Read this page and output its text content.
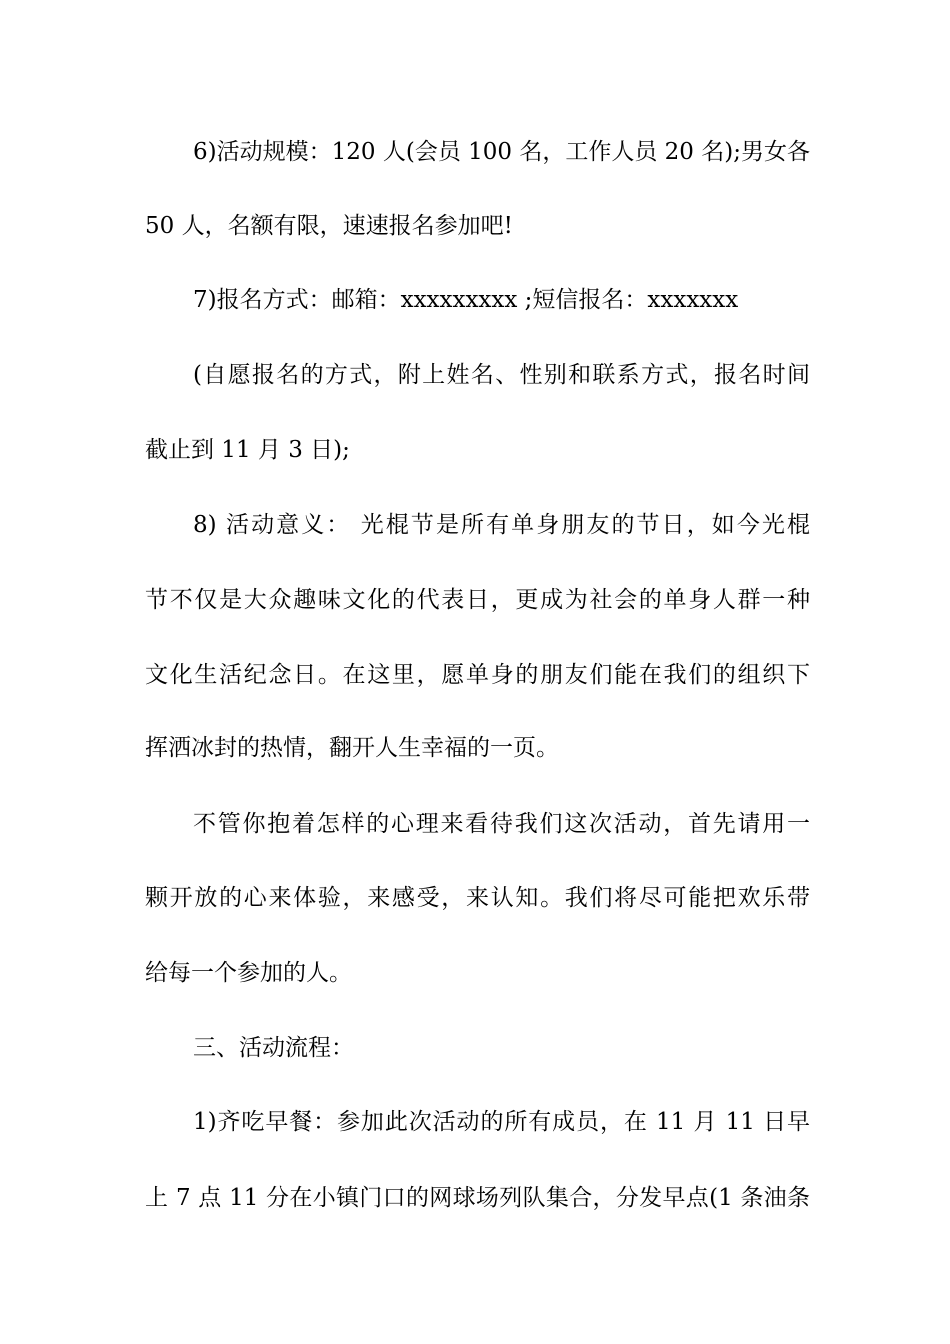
6)活动规模：120 人(会员 100 名，工作人员 20 名);男女各
50 人，名额有限，速速报名参加吧!
7)报名方式：邮箱：xxxxxxxxx ;短信报名：xxxxxxx
(自愿报名的方式，附上姓名、性别和联系方式，报名时间
截止到 11 月 3 日);
8) 活动意义： 光棍节是所有单身朋友的节日，如今光棍
节不仅是大众趣味文化的代表日，更成为社会的单身人群一种
文化生活纪念日。在这里，愿单身的朋友们能在我们的组织下
挥洒冰封的热情，翻开人生幸福的一页。
不管你抱着怎样的心理来看待我们这次活动，首先请用一
颗开放的心来体验，来感受，来认知。我们将尽可能把欢乐带
给每一个参加的人。
三、活动流程：
1)齐吃早餐：参加此次活动的所有成员，在 11 月 11 日早
上 7 点 11 分在小镇门口的网球场列队集合，分发早点(1 条油条
